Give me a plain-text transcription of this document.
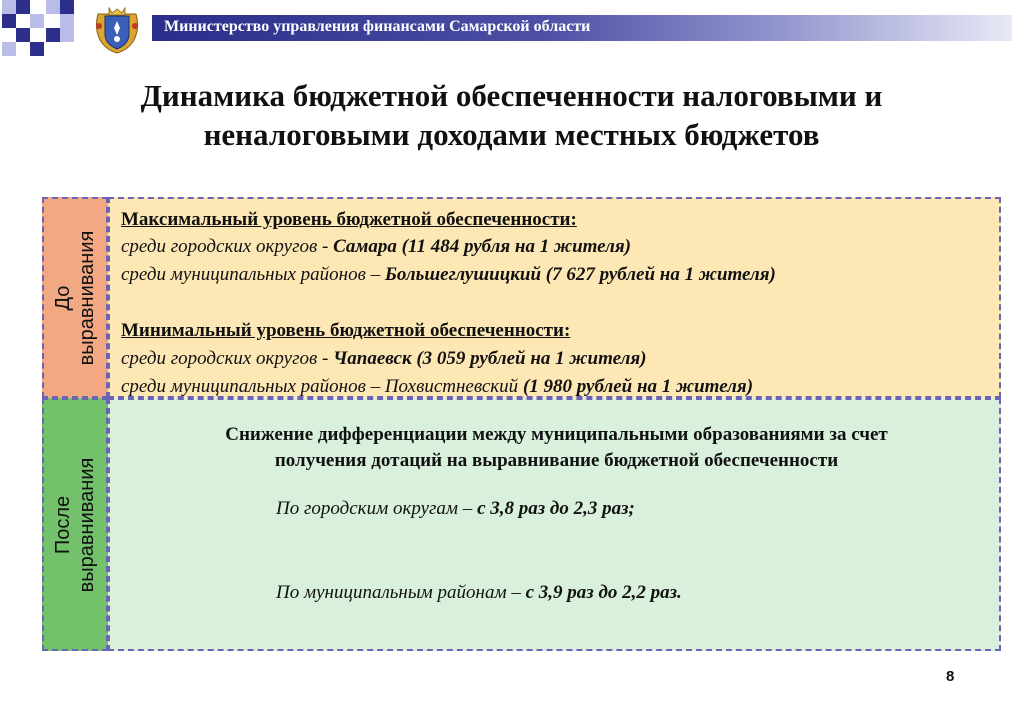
Министерство управления финансами Самарской области
Динамика бюджетной обеспеченности налоговыми и
неналоговыми доходами местных бюджетов
До выравнивания
Максимальный уровень бюджетной обеспеченности:
среди городских округов - Самара (11 484 рубля на 1 жителя)
среди муниципальных районов – Большеглушицкий (7 627 рублей на 1 жителя)
Минимальный уровень бюджетной обеспеченности:
среди городских округов - Чапаевск (3 059 рублей на 1 жителя)
среди муниципальных районов – Похвистневский (1 980 рублей на 1 жителя)
После выравнивания
Снижение дифференциации между муниципальными образованиями за счет
получения дотаций на выравнивание бюджетной обеспеченности
По городским округам – с 3,8 раз до 2,3 раз;
По муниципальным районам – с 3,9 раз до 2,2 раз.
8
